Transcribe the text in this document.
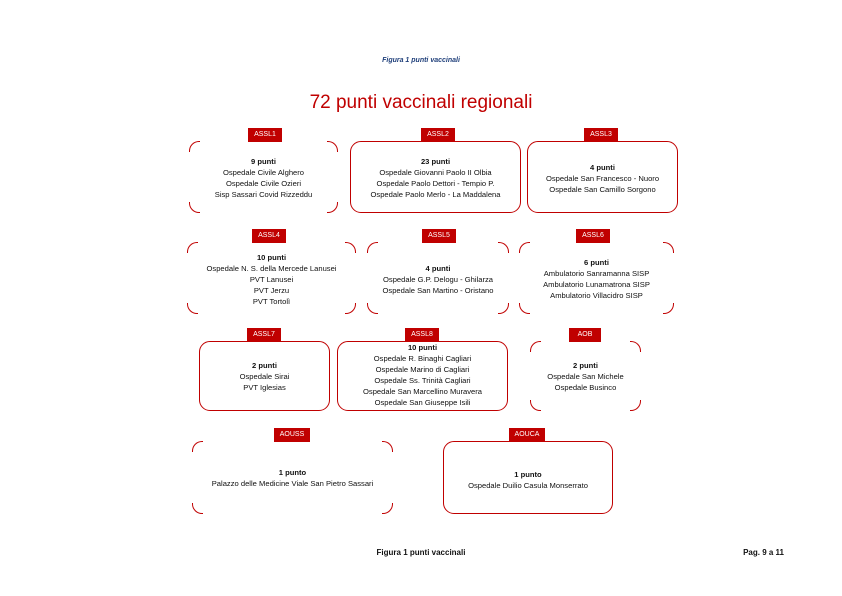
Figura 1 punti vaccinali
72 punti vaccinali regionali
9 punti
Ospedale Civile Alghero
Ospedale Civile Ozieri
Sisp Sassari Covid Rizzeddu
ASSL1
23 punti
Ospedale Giovanni Paolo II Olbia
Ospedale Paolo Dettori - Tempio P.
Ospedale Paolo Merlo - La Maddalena
ASSL2
4 punti
Ospedale San Francesco - Nuoro
Ospedale San Camillo Sorgono
ASSL3
10 punti
Ospedale N. S. della Mercede Lanusei
PVT Lanusei
PVT Jerzu
PVT Tortolì
ASSL4
4 punti
Ospedale G.P. Delogu - Ghilarza
Ospedale San Martino - Oristano
ASSL5
6 punti
Ambulatorio Sanramanna SISP
Ambulatorio Lunamatrona SISP
Ambulatorio Villacidro SISP
ASSL6
2 punti
Ospedale Sirai
PVT Iglesias
ASSL7
10 punti
Ospedale R. Binaghi Cagliari
Ospedale Marino di Cagliari
Ospedale Ss. Trinità Cagliari
Ospedale San Marcellino Muravera
Ospedale San Giuseppe Isili
ASSL8
2 punti
Ospedale San Michele
Ospedale Businco
AOB
1 punto
Palazzo delle Medicine Viale San Pietro Sassari
AOUSS
1 punto
Ospedale Duilio Casula Monserrato
AOUCA
Figura 1 punti vaccinali	Pag. 9 a 11
